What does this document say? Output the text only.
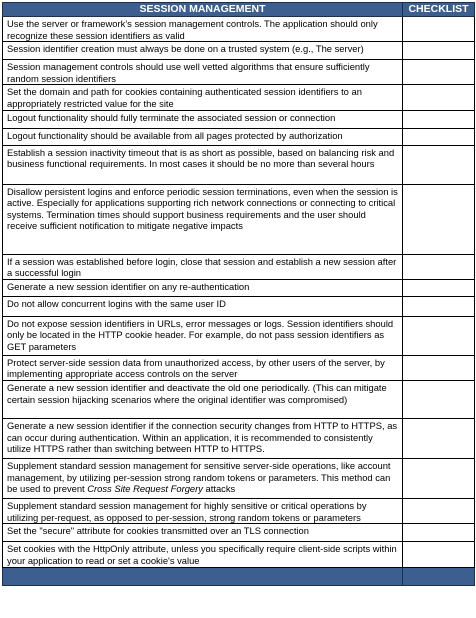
SESSION MANAGEMENT	CHECKLIST
Use the server or framework’s session management controls. The application should only recognize these session identifiers as valid	
Session identifier creation must always be done on a trusted system (e.g., The server)	
Session management controls should use well vetted algorithms that ensure sufficiently random session identifiers	
Set the domain and path for cookies containing authenticated session identifiers to an appropriately restricted value for the site	
Logout functionality should fully terminate the associated session or connection	
Logout functionality should be available from all pages protected by authorization	
Establish a session inactivity timeout that is as short as possible, based on balancing risk and business functional requirements. In most cases it should be no more than several hours	
Disallow persistent logins and enforce periodic session terminations, even when the session is active. Especially for applications supporting rich network connections or connecting to critical systems. Termination times should support business requirements and the user should receive sufficient notification to mitigate negative impacts	
If a session was established before login, close that session and establish a new session after a successful login	
Generate a new session identifier on any re-authentication	
Do not allow concurrent logins with the same user ID	
Do not expose session identifiers in URLs, error messages or logs. Session identifiers should only be located in the HTTP cookie header. For example, do not pass session identifiers as GET parameters	
Protect server-side session data from unauthorized access, by other users of the server, by implementing appropriate access controls on the server	
Generate a new session identifier and deactivate the old one periodically. (This can mitigate certain session hijacking scenarios where the original identifier was compromised)	
Generate a new session identifier if the connection security changes from HTTP to HTTPS, as can occur during authentication. Within an application, it is recommended to consistently utilize HTTPS rather than switching between HTTP to HTTPS.	
Supplement standard session management for sensitive server-side operations, like account management, by utilizing per-session strong random tokens or parameters. This method can be used to prevent Cross Site Request Forgery attacks	
Supplement standard session management for highly sensitive or critical operations by utilizing per-request, as opposed to per-session, strong random tokens or parameters	
Set the "secure" attribute for cookies transmitted over an TLS connection	
Set cookies with the HttpOnly attribute, unless you specifically require client-side scripts within your application to read or set a cookie's value	
